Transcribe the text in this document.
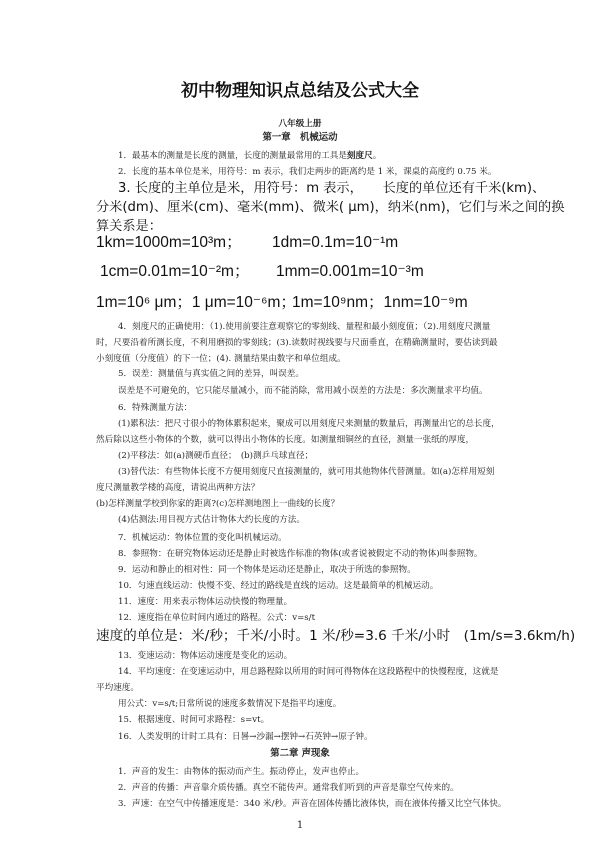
初中物理知识点总结及公式大全
八年级上册
第一章　机械运动
1．最基本的测量是长度的测量，长度的测量最常用的工具是刻度尺。
2．长度的基本单位是米，用符号：m 表示，我们走两步的距离约是 1 米，课桌的高度约 0.75 米。
3. 长度的主单位是米，用符号：m 表示，　　长度的单位还有千米(km)、
分米(dm)、厘米(cm)、毫米(mm)、微米( μm)，纳米(nm)，它们与米之间的换
算关系是：
1km=1000m=10³m； 1dm=0.1m=10⁻¹m
1cm=0.01m=10⁻²m； 1mm=0.001m=10⁻³m
1m=10⁶ μm；1 μm=10⁻⁶m；
1m=10⁹nm；1nm=10⁻⁹m
4．刻度尺的正确使用：（1).使用前要注意观察它的零刻线、量程和最小刻度值；（2).用刻度尺测量
时，尺要沿着所测长度，不利用磨损的零刻线；(3).读数时视线要与尺面垂直，在精确测量时，要估读到最
小刻度值（分度值）的下一位；(4). 测量结果由数字和单位组成。
5．误差：测量值与真实值之间的差异，叫误差。
误差是不可避免的，它只能尽量减小，而不能消除，常用减小误差的方法是：多次测量求平均值。
6．特殊测量方法：
(1)累积法：把尺寸很小的物体累积起来，聚成可以用刻度尺来测量的数量后，再测量出它的总长度，
然后除以这些小物体的个数，就可以得出小物体的长度。如测量细铜丝的直径，测量一张纸的厚度，
(2)平移法：如(a)测硬币直径；　(b)测乒乓球直径；
(3)替代法：有些物体长度不方便用刻度尺直接测量的，就可用其他物体代替测量。如(a)怎样用短刻
度尺测量教学楼的高度，请说出两种方法？
(b)怎样测量学校到你家的距离?(c)怎样测地图上一曲线的长度？
(4)估测法:用目视方式估计物体大约长度的方法。
7．机械运动：物体位置的变化叫机械运动。
8．参照物：在研究物体运动还是静止时被选作标准的物体(或者说被假定不动的物体)叫参照物。
9．运动和静止的相对性：同一个物体是运动还是静止，取决于所选的参照物。
10．匀速直线运动：快慢不变、经过的路线是直线的运动。这是最简单的机械运动。
11．速度：用来表示物体运动快慢的物理量。
12．速度指在单位时间内通过的路程。公式：v=s/t
速度的单位是：米/秒；千米/小时。1 米/秒=3.6 千米/小时　(1m/s=3.6km/h)
13．变速运动：物体运动速度是变化的运动。
14．平均速度：在变速运动中，用总路程除以所用的时间可得物体在这段路程中的快慢程度，这就是
平均速度。
用公式：v=s/t;日常所说的速度多数情况下是指平均速度。
15．根据速度、时间可求路程：s=vt。
16．人类发明的计时工具有：日晷→沙漏→摆钟→石英钟→原子钟。
第二章 声现象
1．声音的发生：由物体的振动而产生。振动停止，发声也停止。
2．声音的传播：声音靠介质传播。真空不能传声。通常我们听到的声音是靠空气传来的。
3．声速：在空气中传播速度是：340 米/秒。声音在固体传播比液体快，而在液体传播又比空气体快。
1
